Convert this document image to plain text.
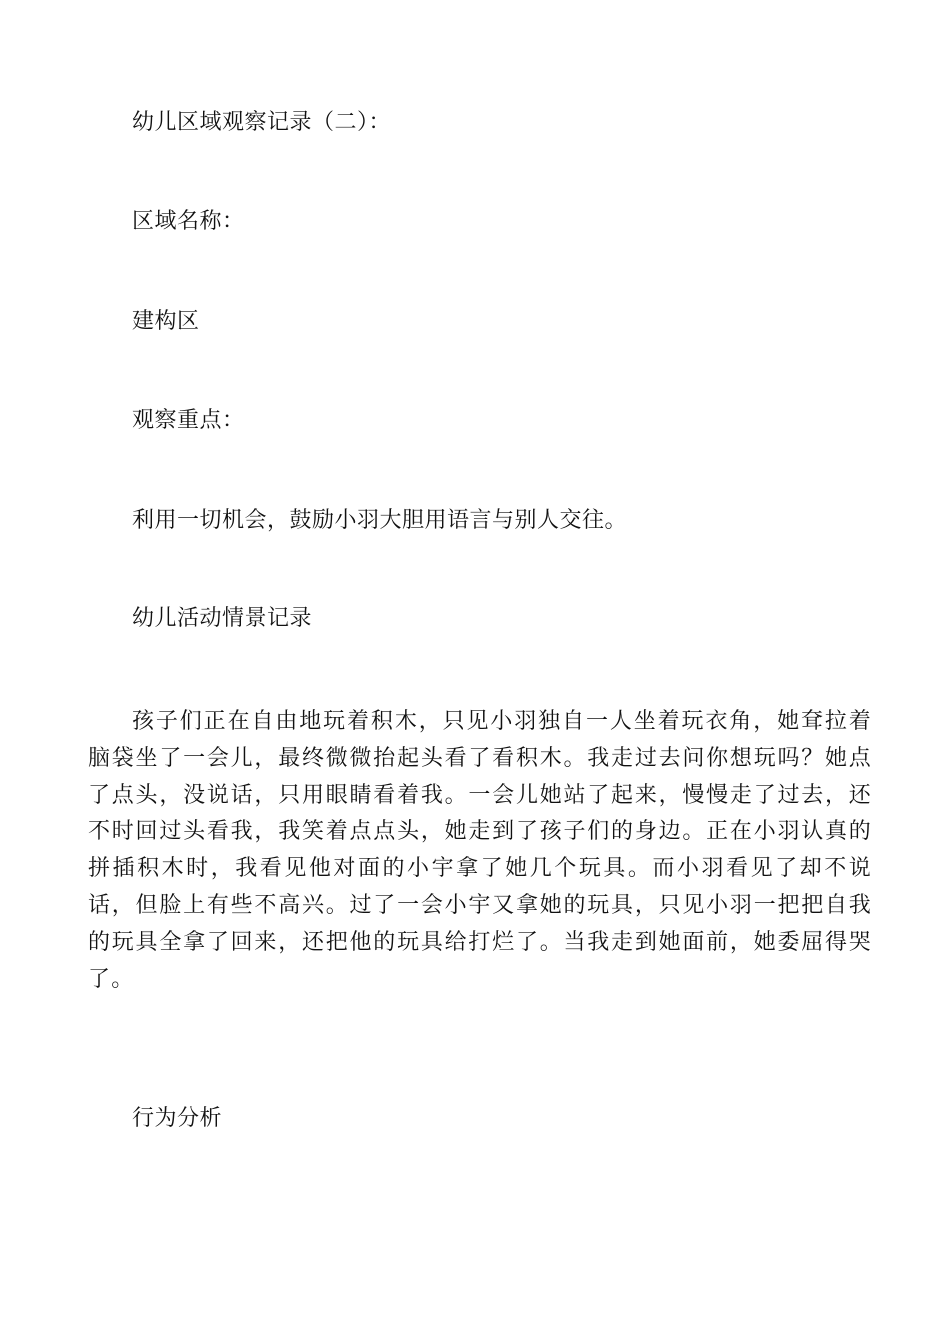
幼儿区域观察记录（二）：
区域名称：
建构区
观察重点：
利用一切机会，鼓励小羽大胆用语言与别人交往。
幼儿活动情景记录
孩子们正在自由地玩着积木，只见小羽独自一人坐着玩衣角，她耷拉着脑袋坐了一会儿，最终微微抬起头看了看积木。我走过去问你想玩吗？她点了点头，没说话，只用眼睛看着我。一会儿她站了起来，慢慢走了过去，还不时回过头看我，我笑着点点头，她走到了孩子们的身边。正在小羽认真的拼插积木时，我看见他对面的小宇拿了她几个玩具。而小羽看见了却不说话，但脸上有些不高兴。过了一会小宇又拿她的玩具，只见小羽一把把自我的玩具全拿了回来，还把他的玩具给打烂了。当我走到她面前，她委屈得哭了。
行为分析
